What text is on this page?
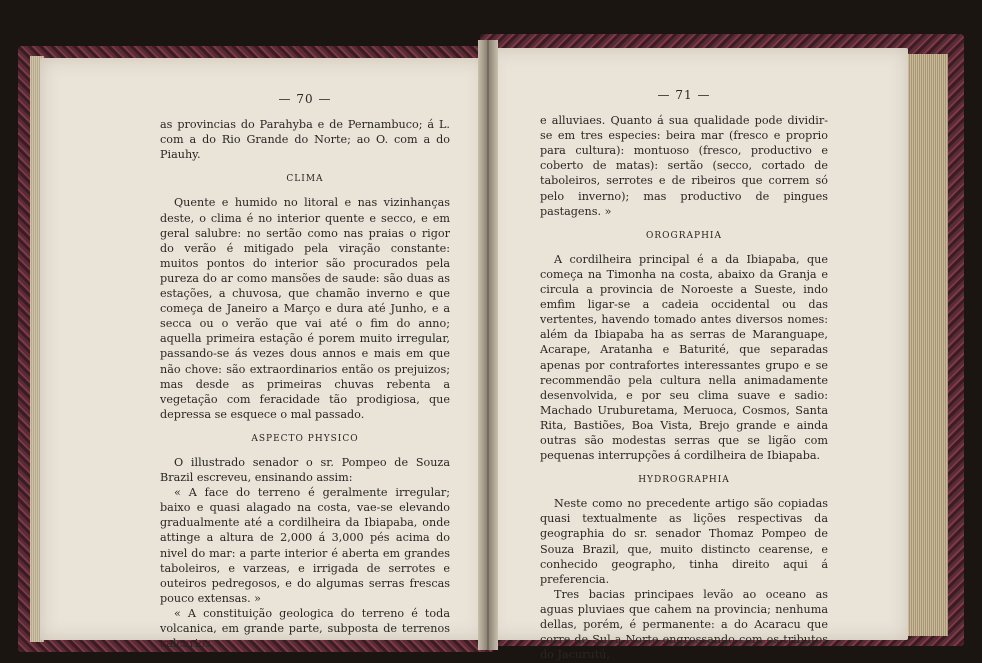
— 70 —

as provincias do Parahyba e de Pernambuco; á L. com a do Rio Grande do Norte; ao O. com a do Piauhy.

CLIMA

Quente e humido no litoral e nas vizinhanças deste, o clima é no interior quente e secco, e em geral salubre: no sertão como nas praias o rigor do verão é mitigado pela viração constante: muitos pontos do interior são procurados pela pureza do ar como mansões de saude: são duas as estações, a chuvosa, que chamão inverno e que começa de Janeiro a Março e dura até Junho, e a secca ou o verão que vai até o fim do anno; aquella primeira estação é porem muito irregular, passando-se ás vezes dous annos e mais em que não chove: são extraordinarios então os prejuizos; mas desde as primeiras chuvas rebenta a vegetação com feracidade tão prodigiosa, que depressa se esquece o mal passado.

ASPECTO PHYSICO

O illustrado senador o sr. Pompeo de Souza Brazil escreveu, ensinando assim:

« A face do terreno é geralmente irregular; baixo e quasi alagado na costa, vae-se elevando gradualmente até a cordilheira da Ibiapaba, onde attinge a altura de 2,000 á 3,000 pés acima do nivel do mar: a parte interior é aberta em grandes taboleiros, e varzeas, e irrigada de serrotes e outeiros pedregosos, e do algumas serras frescas pouco extensas. »

« A constituição geologica do terreno é toda volcanica, em grande parte, subposta de terrenos calcarios,

— 71 —

e alluviaes. Quanto á sua qualidade pode dividir-se em tres especies: beira mar (fresco e proprio para cultura): montuoso (fresco, productivo e coberto de matas): sertão (secco, cortado de taboleiros, serrotes e de ribeiros que correm só pelo inverno); mas productivo de pingues pastagens. »

OROGRAPHIA

A cordilheira principal é a da Ibiapaba, que começa na Timonha na costa, abaixo da Granja e circula a provincia de Noroeste a Sueste, indo emfim ligar-se a cadeia occidental ou das vertentes, havendo tomado antes diversos nomes: além da Ibiapaba ha as serras de Maranguape, Acarape, Aratanha e Baturité, que separadas apenas por contrafortes interessantes grupo e se recommendão pela cultura nella animadamente desenvolvida, e por seu clima suave e sadio: Machado Uruburetama, Meruoca, Cosmos, Santa Rita, Bastiões, Boa Vista, Brejo grande e ainda outras são modestas serras que se ligão com pequenas interrupções á cordilheira de Ibiapaba.

HYDROGRAPHIA

Neste como no precedente artigo são copiadas quasi textualmente as lições respectivas da geographia do sr. senador Thomaz Pompeo de Souza Brazil, que, muito distincto cearense, e conhecido geographo, tinha direito aqui á preferencia.

Tres bacias principaes levão ao oceano as aguas pluviaes que cahem na provincia; nenhuma dellas, porém, é permanente: a do Acaracu que corre de Sul a Norte engrossando com os tributos do Jacurutú,
